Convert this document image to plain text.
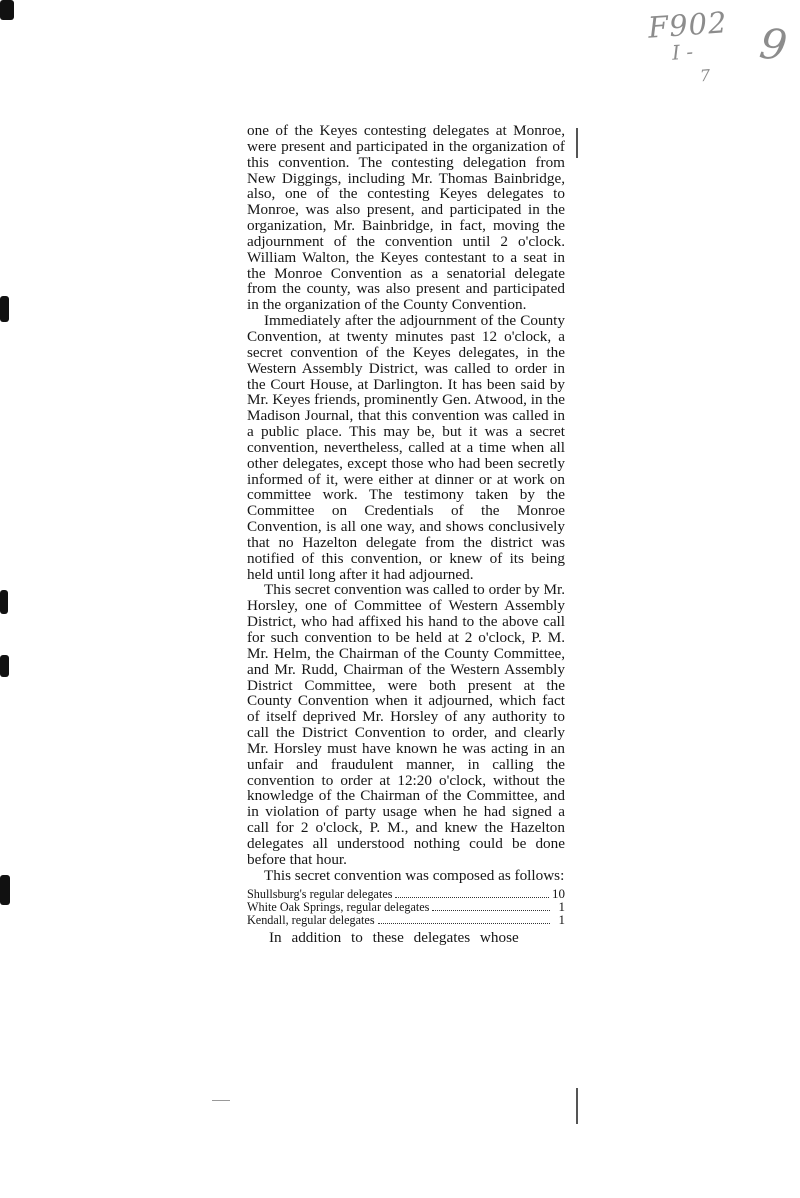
F902 9
I -
7

one of the Keyes contesting delegates at Monroe, were present and participated in the organization of this convention. The contesting delegation from New Diggings, including Mr. Thomas Bainbridge, also, one of the contesting Keyes delegates to Monroe, was also present, and participated in the organization, Mr. Bainbridge, in fact, moving the adjournment of the convention until 2 o'clock. William Walton, the Keyes contestant to a seat in the Monroe Convention as a senatorial delegate from the county, was also present and participated in the organization of the County Convention.

Immediately after the adjournment of the County Convention, at twenty minutes past 12 o'clock, a secret convention of the Keyes delegates, in the Western Assembly District, was called to order in the Court House, at Darlington. It has been said by Mr. Keyes friends, prominently Gen. Atwood, in the Madison Journal, that this convention was called in a public place. This may be, but it was a secret convention, nevertheless, called at a time when all other delegates, except those who had been secretly informed of it, were either at dinner or at work on committee work. The testimony taken by the Committee on Credentials of the Monroe Convention, is all one way, and shows conclusively that no Hazelton delegate from the district was notified of this convention, or knew of its being held until long after it had adjourned.

This secret convention was called to order by Mr. Horsley, one of Committee of Western Assembly District, who had affixed his hand to the above call for such convention to be held at 2 o'clock, P. M. Mr. Helm, the Chairman of the County Committee, and Mr. Rudd, Chairman of the Western Assembly District Committee, were both present at the County Convention when it adjourned, which fact of itself deprived Mr. Horsley of any authority to call the District Convention to order, and clearly Mr. Horsley must have known he was acting in an unfair and fraudulent manner, in calling the convention to order at 12:20 o'clock, without the knowledge of the Chairman of the Committee, and in violation of party usage when he had signed a call for 2 o'clock, P. M., and knew the Hazelton delegates all understood nothing could be done before that hour.

This secret convention was composed as follows:

Shullsburg's regular delegates	10
White Oak Springs, regular delegates	1
Kendall, regular delegates	1

In addition to these delegates whose
